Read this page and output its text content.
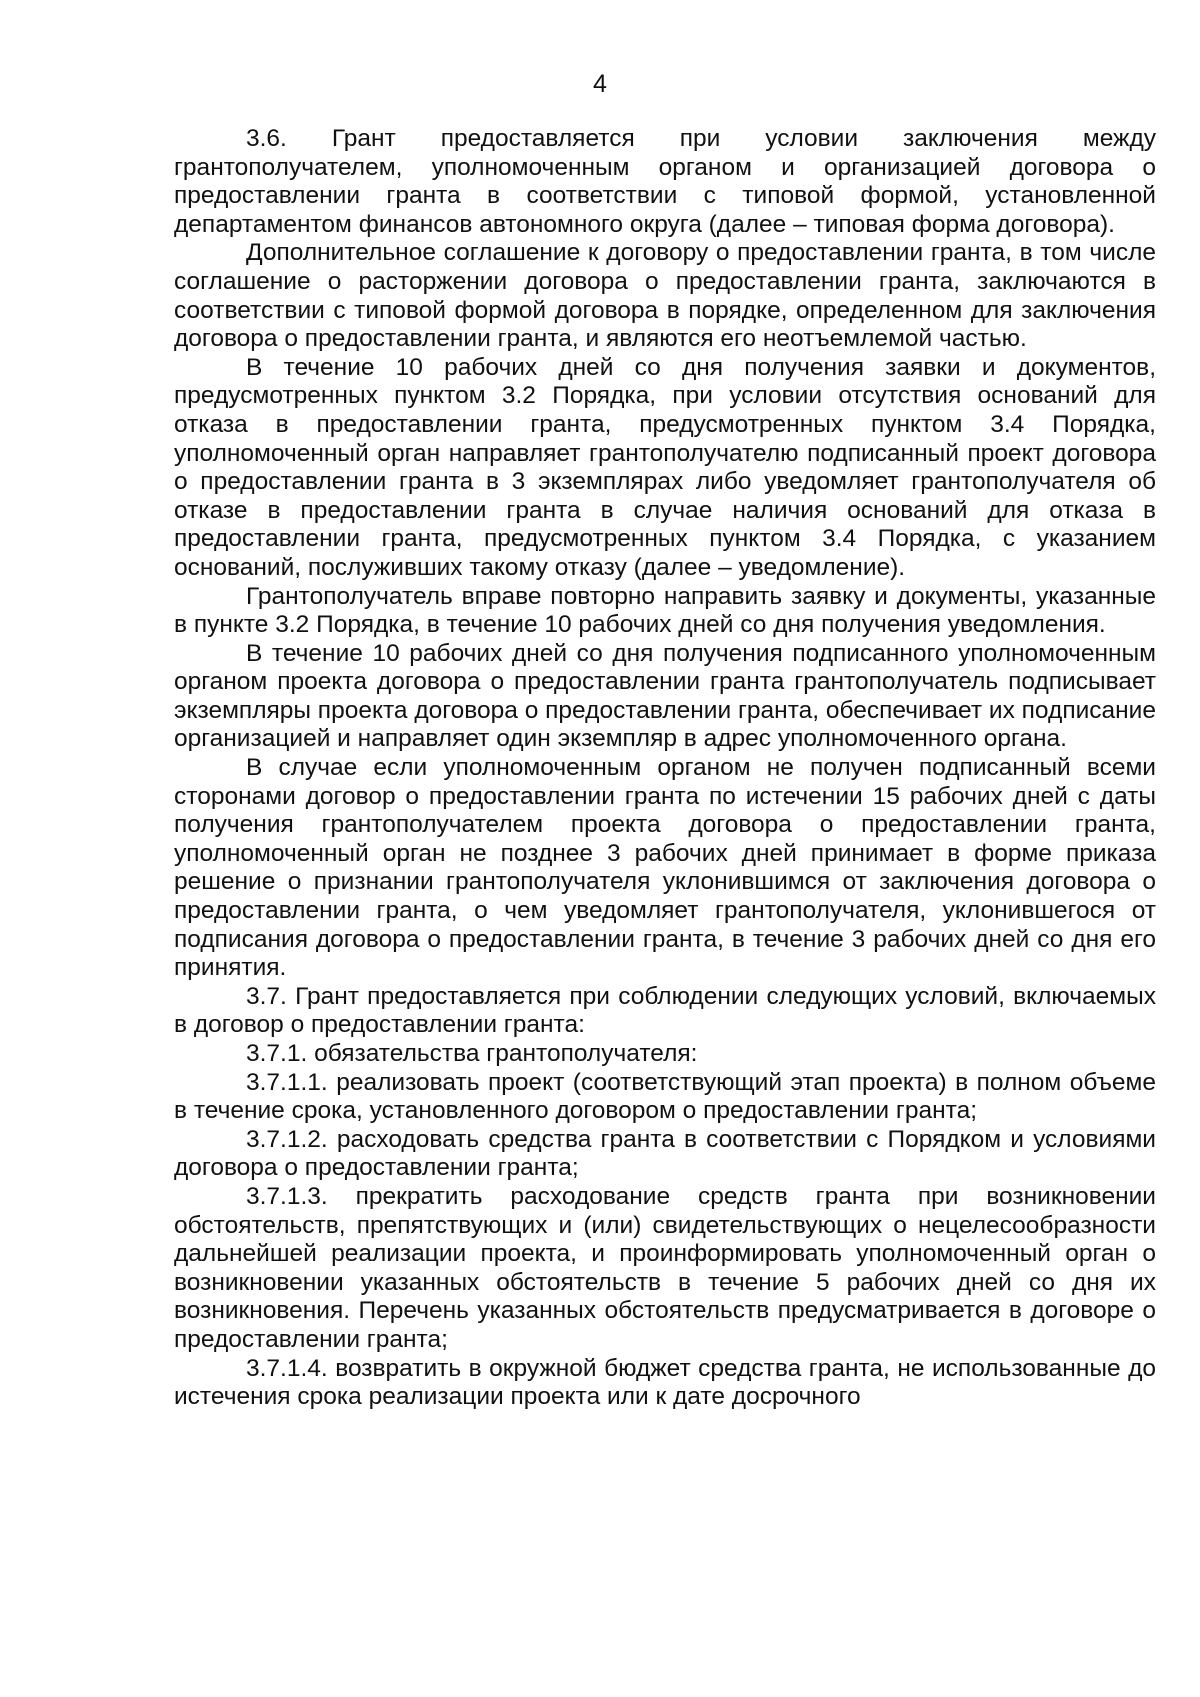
4

3.6. Грант предоставляется при условии заключения между грантополучателем, уполномоченным органом и организацией договора о предоставлении гранта в соответствии с типовой формой, установленной департаментом финансов автономного округа (далее – типовая форма договора).

Дополнительное соглашение к договору о предоставлении гранта, в том числе соглашение о расторжении договора о предоставлении гранта, заключаются в соответствии с типовой формой договора в порядке, определенном для заключения договора о предоставлении гранта, и являются его неотъемлемой частью.

В течение 10 рабочих дней со дня получения заявки и документов, предусмотренных пунктом 3.2 Порядка, при условии отсутствия оснований для отказа в предоставлении гранта, предусмотренных пунктом 3.4 Порядка, уполномоченный орган направляет грантополучателю подписанный проект договора о предоставлении гранта в 3 экземплярах либо уведомляет грантополучателя об отказе в предоставлении гранта в случае наличия оснований для отказа в предоставлении гранта, предусмотренных пунктом 3.4 Порядка, с указанием оснований, послуживших такому отказу (далее – уведомление).

Грантополучатель вправе повторно направить заявку и документы, указанные в пункте 3.2 Порядка, в течение 10 рабочих дней со дня получения уведомления.

В течение 10 рабочих дней со дня получения подписанного уполномоченным органом проекта договора о предоставлении гранта грантополучатель подписывает экземпляры проекта договора о предоставлении гранта, обеспечивает их подписание организацией и направляет один экземпляр в адрес уполномоченного органа.

В случае если уполномоченным органом не получен подписанный всеми сторонами договор о предоставлении гранта по истечении 15 рабочих дней с даты получения грантополучателем проекта договора о предоставлении гранта, уполномоченный орган не позднее 3 рабочих дней принимает в форме приказа решение о признании грантополучателя уклонившимся от заключения договора о предоставлении гранта, о чем уведомляет грантополучателя, уклонившегося от подписания договора о предоставлении гранта, в течение 3 рабочих дней со дня его принятия.

3.7. Грант предоставляется при соблюдении следующих условий, включаемых в договор о предоставлении гранта:

3.7.1. обязательства грантополучателя:

3.7.1.1. реализовать проект (соответствующий этап проекта) в полном объеме в течение срока, установленного договором о предоставлении гранта;

3.7.1.2. расходовать средства гранта в соответствии с Порядком и условиями договора о предоставлении гранта;

3.7.1.3. прекратить расходование средств гранта при возникновении обстоятельств, препятствующих и (или) свидетельствующих о нецелесообразности дальнейшей реализации проекта, и проинформировать уполномоченный орган о возникновении указанных обстоятельств в течение 5 рабочих дней со дня их возникновения. Перечень указанных обстоятельств предусматривается в договоре о предоставлении гранта;

3.7.1.4. возвратить в окружной бюджет средства гранта, не использованные до истечения срока реализации проекта или к дате досрочного
